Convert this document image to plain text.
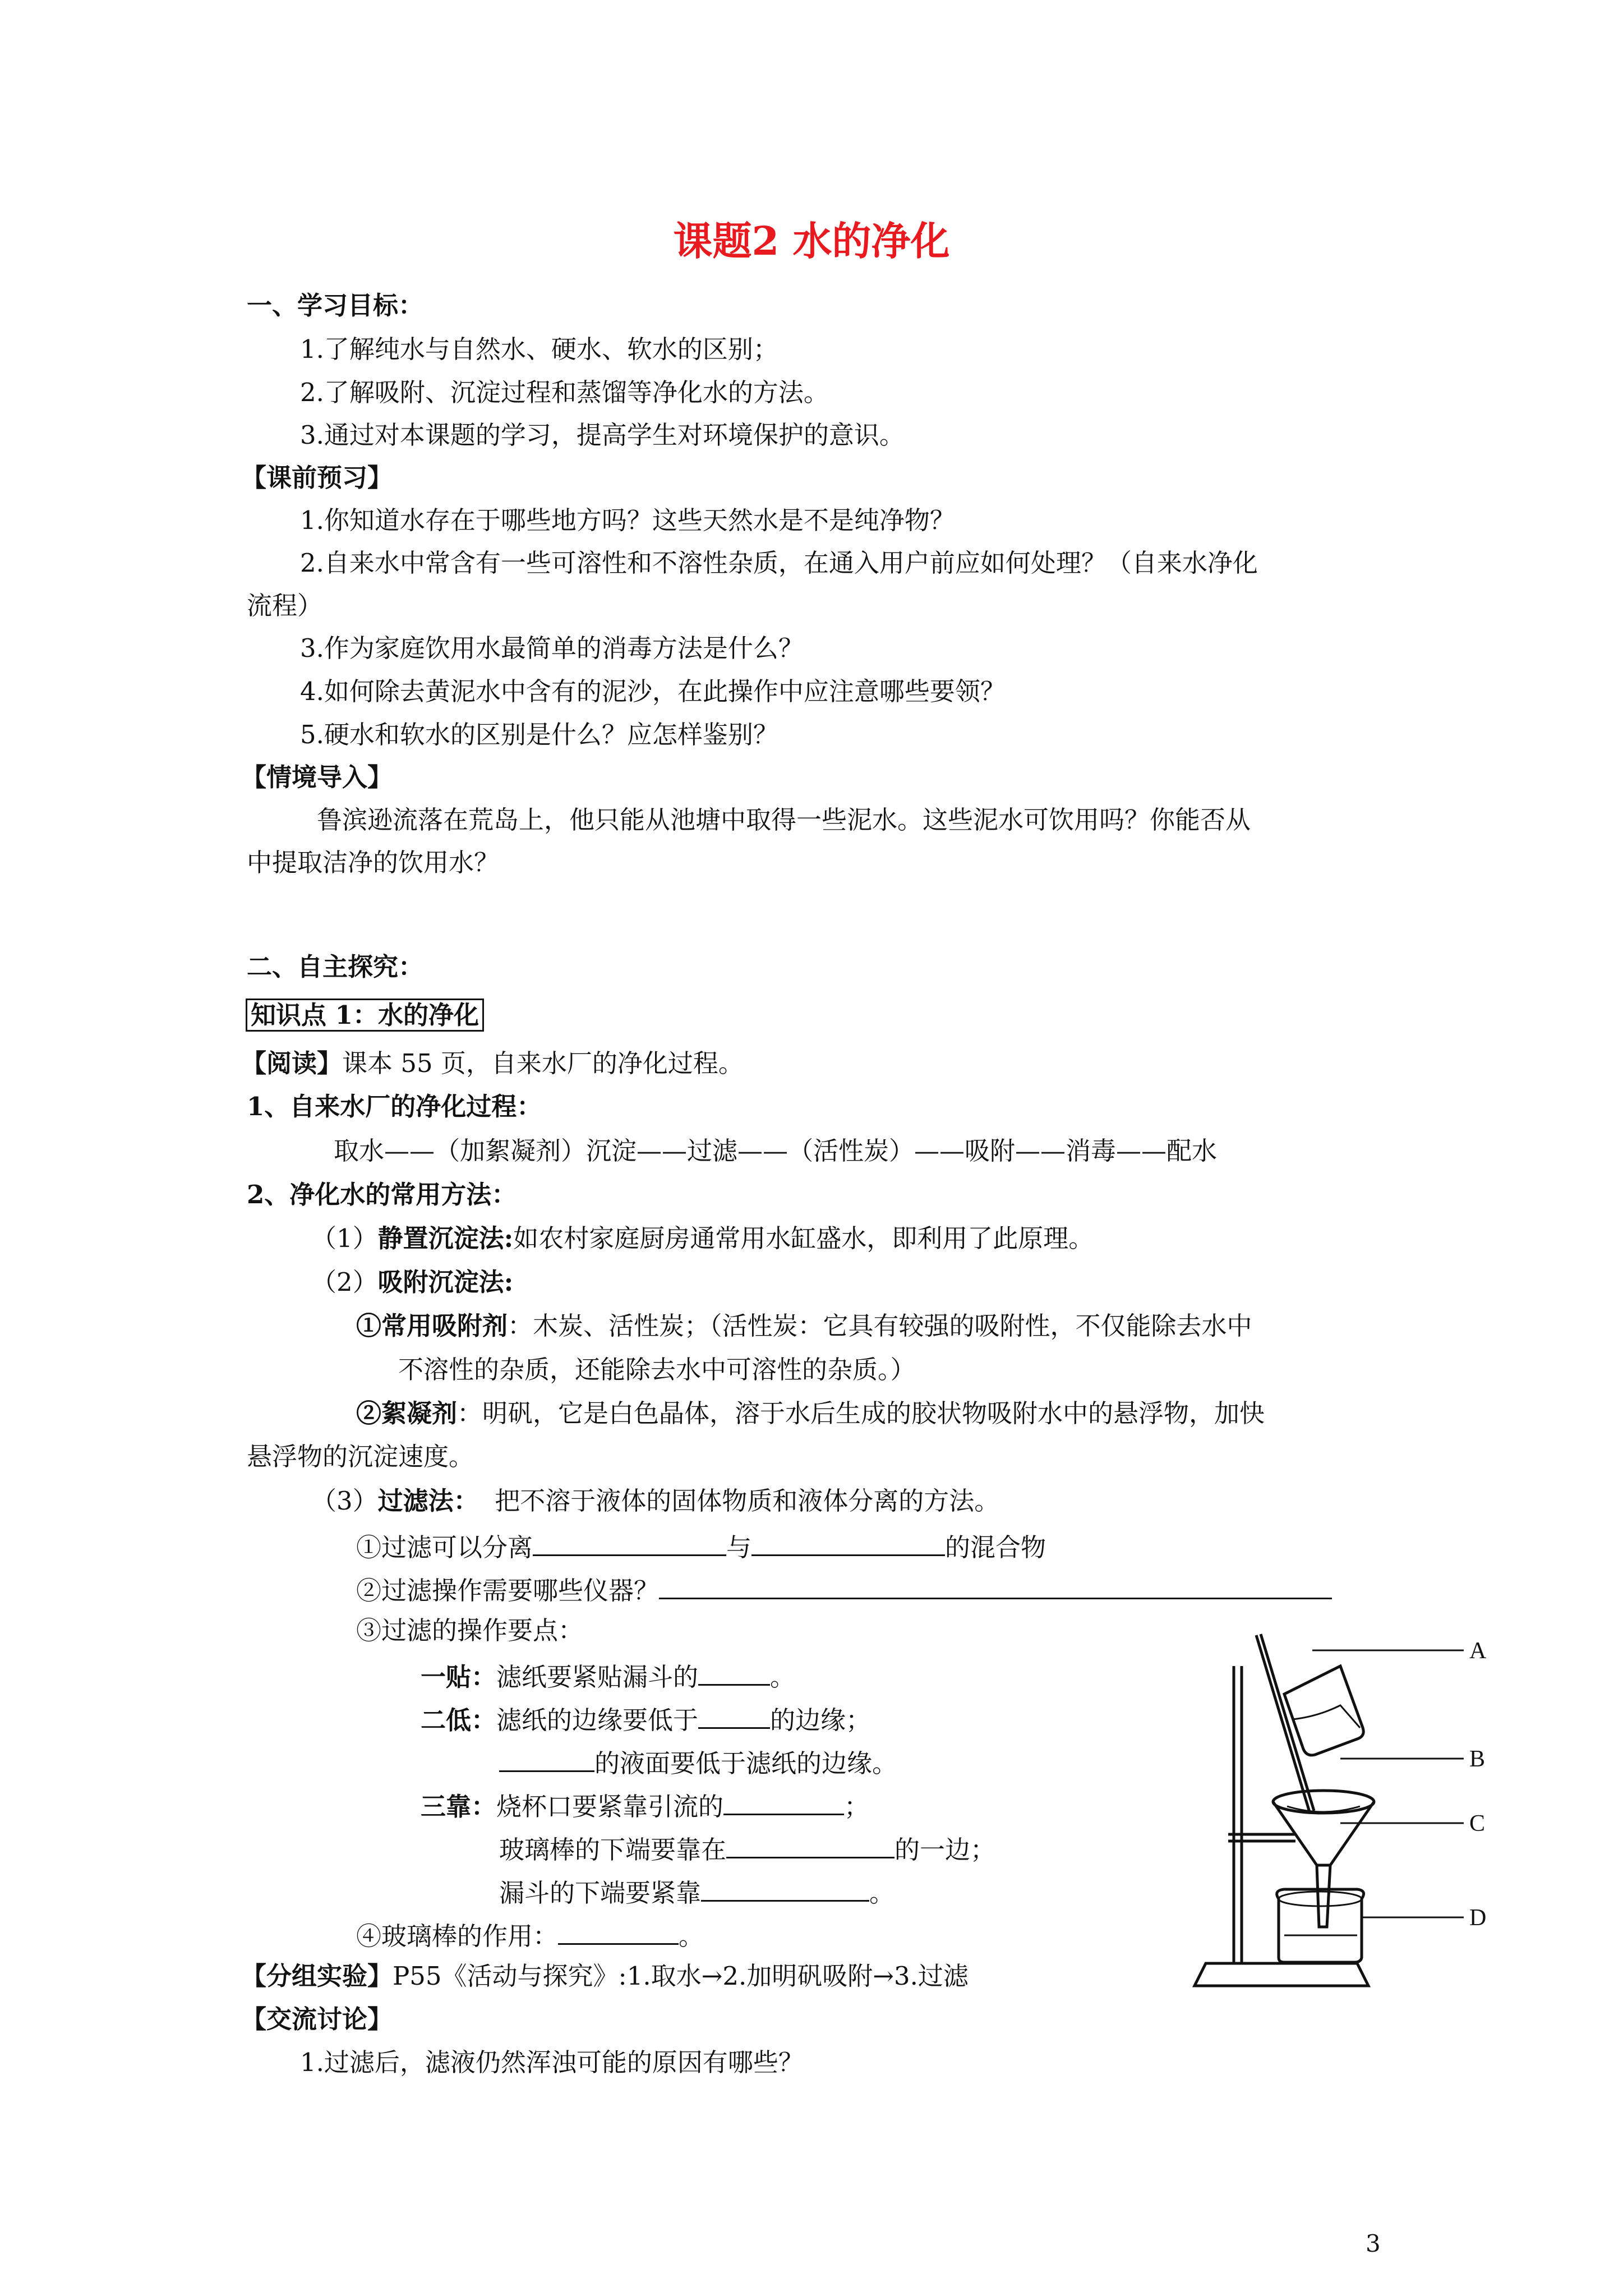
课题2 水的净化
一、学习目标：
1.了解纯水与自然水、硬水、软水的区别；
2.了解吸附、沉淀过程和蒸馏等净化水的方法。
3.通过对本课题的学习，提高学生对环境保护的意识。
【课前预习】
1.你知道水存在于哪些地方吗？这些天然水是不是纯净物？
2.自来水中常含有一些可溶性和不溶性杂质，在通入用户前应如何处理？（自来水净化
流程）
3.作为家庭饮用水最简单的消毒方法是什么？
4.如何除去黄泥水中含有的泥沙，在此操作中应注意哪些要领？
5.硬水和软水的区别是什么？应怎样鉴别？
【情境导入】
鲁滨逊流落在荒岛上，他只能从池塘中取得一些泥水。这些泥水可饮用吗？你能否从
中提取洁净的饮用水？
二、自主探究：
知识点 1：水的净化
【阅读】课本 55 页，自来水厂的净化过程。
1、自来水厂的净化过程：
取水——（加絮凝剂）沉淀——过滤——（活性炭）——吸附——消毒——配水
2、净化水的常用方法：
（1）静置沉淀法:如农村家庭厨房通常用水缸盛水，即利用了此原理。
（2）吸附沉淀法:
①常用吸附剂：木炭、活性炭；（活性炭：它具有较强的吸附性，不仅能除去水中
不溶性的杂质，还能除去水中可溶性的杂质。）
②絮凝剂：明矾，它是白色晶体，溶于水后生成的胶状物吸附水中的悬浮物，加快
悬浮物的沉淀速度。
（3）过滤法： 把不溶于液体的固体物质和液体分离的方法。
①过滤可以分离	与	的混合物
②过滤操作需要哪些仪器？
③过滤的操作要点：
一贴：滤纸要紧贴漏斗的	。
二低：滤纸的边缘要低于	的边缘；
的液面要低于滤纸的边缘。
三靠：烧杯口要紧靠引流的	；
玻璃棒的下端要靠在	的一边；
漏斗的下端要紧靠	。
④玻璃棒的作用：	。
【分组实验】P55《活动与探究》:1.取水→2.加明矾吸附→3.过滤
【交流讨论】
1.过滤后，滤液仍然浑浊可能的原因有哪些？
A
B
C
D
3
